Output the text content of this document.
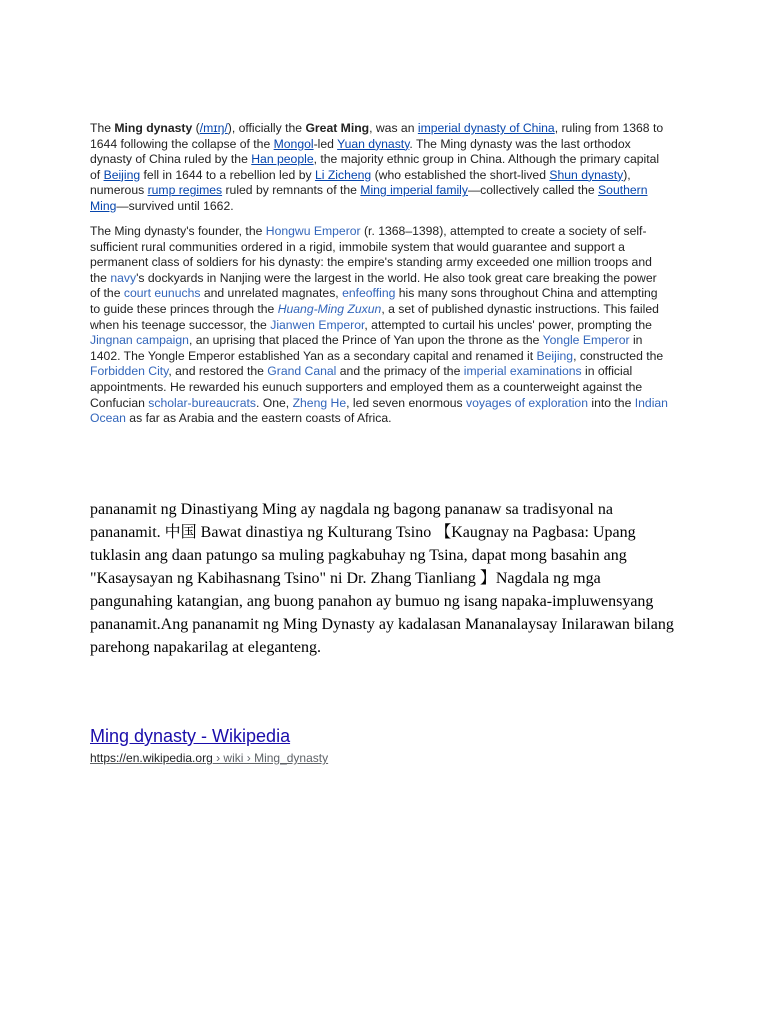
The Ming dynasty (/mɪŋ/), officially the Great Ming, was an imperial dynasty of China, ruling from 1368 to 1644 following the collapse of the Mongol-led Yuan dynasty. The Ming dynasty was the last orthodox dynasty of China ruled by the Han people, the majority ethnic group in China. Although the primary capital of Beijing fell in 1644 to a rebellion led by Li Zicheng (who established the short-lived Shun dynasty), numerous rump regimes ruled by remnants of the Ming imperial family—collectively called the Southern Ming—survived until 1662.

The Ming dynasty's founder, the Hongwu Emperor (r. 1368–1398), attempted to create a society of self-sufficient rural communities ordered in a rigid, immobile system that would guarantee and support a permanent class of soldiers for his dynasty: the empire's standing army exceeded one million troops and the navy's dockyards in Nanjing were the largest in the world. He also took great care breaking the power of the court eunuchs and unrelated magnates, enfeoffing his many sons throughout China and attempting to guide these princes through the Huang-Ming Zuxun, a set of published dynastic instructions. This failed when his teenage successor, the Jianwen Emperor, attempted to curtail his uncles' power, prompting the Jingnan campaign, an uprising that placed the Prince of Yan upon the throne as the Yongle Emperor in 1402. The Yongle Emperor established Yan as a secondary capital and renamed it Beijing, constructed the Forbidden City, and restored the Grand Canal and the primacy of the imperial examinations in official appointments. He rewarded his eunuch supporters and employed them as a counterweight against the Confucian scholar-bureaucrats. One, Zheng He, led seven enormous voyages of exploration into the Indian Ocean as far as Arabia and the eastern coasts of Africa.

pananamit ng Dinastiyang Ming ay nagdala ng bagong pananaw sa tradisyonal na pananamit. 中国 Bawat dinastiya ng Kulturang Tsino 【Kaugnay na Pagbasa: Upang tuklasin ang daan patungo sa muling pagkabuhay ng Tsina, dapat mong basahin ang "Kasaysayan ng Kabihasnang Tsino" ni Dr. Zhang Tianliang 】Nagdala ng mga pangunahing katangian, ang buong panahon ay bumuo ng isang napaka-impluwensyang pananamit.Ang pananamit ng Ming Dynasty ay kadalasan Mananalaysay Inilarawan bilang parehong napakarilag at eleganteng.

Ming dynasty - Wikipedia
https://en.wikipedia.org › wiki › Ming_dynasty
